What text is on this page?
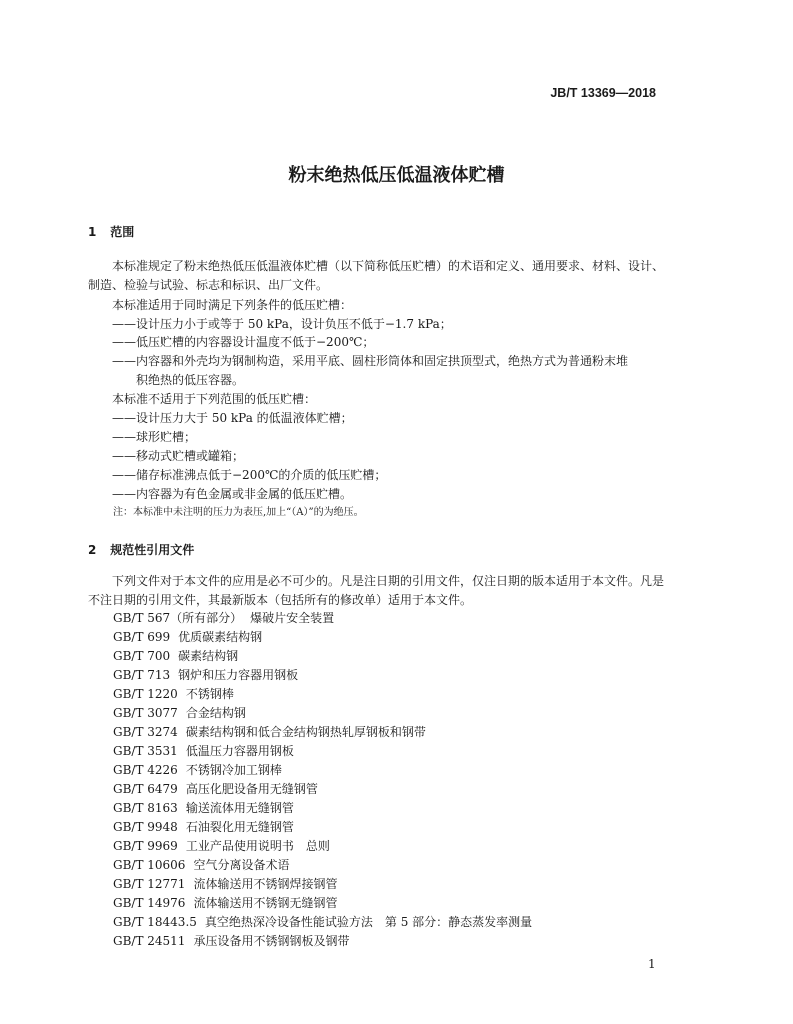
JB/T 13369—2018
粉末绝热低压低温液体贮槽
1 范围
本标准规定了粉末绝热低压低温液体贮槽（以下简称低压贮槽）的术语和定义、通用要求、材料、设计、制造、检验与试验、标志和标识、出厂文件。
本标准适用于同时满足下列条件的低压贮槽：
——设计压力小于或等于 50 kPa，设计负压不低于−1.7 kPa；
——低压贮槽的内容器设计温度不低于−200℃；
——内容器和外壳均为钢制构造，采用平底、圆柱形筒体和固定拱顶型式，绝热方式为普通粉末堆
积绝热的低压容器。
本标准不适用于下列范围的低压贮槽：
——设计压力大于 50 kPa 的低温液体贮槽；
——球形贮槽；
——移动式贮槽或罐箱；
——储存标准沸点低于−200℃的介质的低压贮槽；
——内容器为有色金属或非金属的低压贮槽。
注：本标准中未注明的压力为表压,加上“（A）”的为绝压。
2 规范性引用文件
下列文件对于本文件的应用是必不可少的。凡是注日期的引用文件，仅注日期的版本适用于本文件。凡是不注日期的引用文件，其最新版本（包括所有的修改单）适用于本文件。
GB/T 567（所有部分） 爆破片安全装置
GB/T 699 优质碳素结构钢
GB/T 700 碳素结构钢
GB/T 713 钢炉和压力容器用钢板
GB/T 1220 不锈钢棒
GB/T 3077 合金结构钢
GB/T 3274 碳素结构钢和低合金结构钢热轧厚钢板和钢带
GB/T 3531 低温压力容器用钢板
GB/T 4226 不锈钢冷加工钢棒
GB/T 6479 高压化肥设备用无缝钢管
GB/T 8163 输送流体用无缝钢管
GB/T 9948 石油裂化用无缝钢管
GB/T 9969 工业产品使用说明书　总则
GB/T 10606 空气分离设备术语
GB/T 12771 流体输送用不锈钢焊接钢管
GB/T 14976 流体输送用不锈钢无缝钢管
GB/T 18443.5 真空绝热深冷设备性能试验方法　第 5 部分：静态蒸发率测量
GB/T 24511 承压设备用不锈钢钢板及钢带
1
